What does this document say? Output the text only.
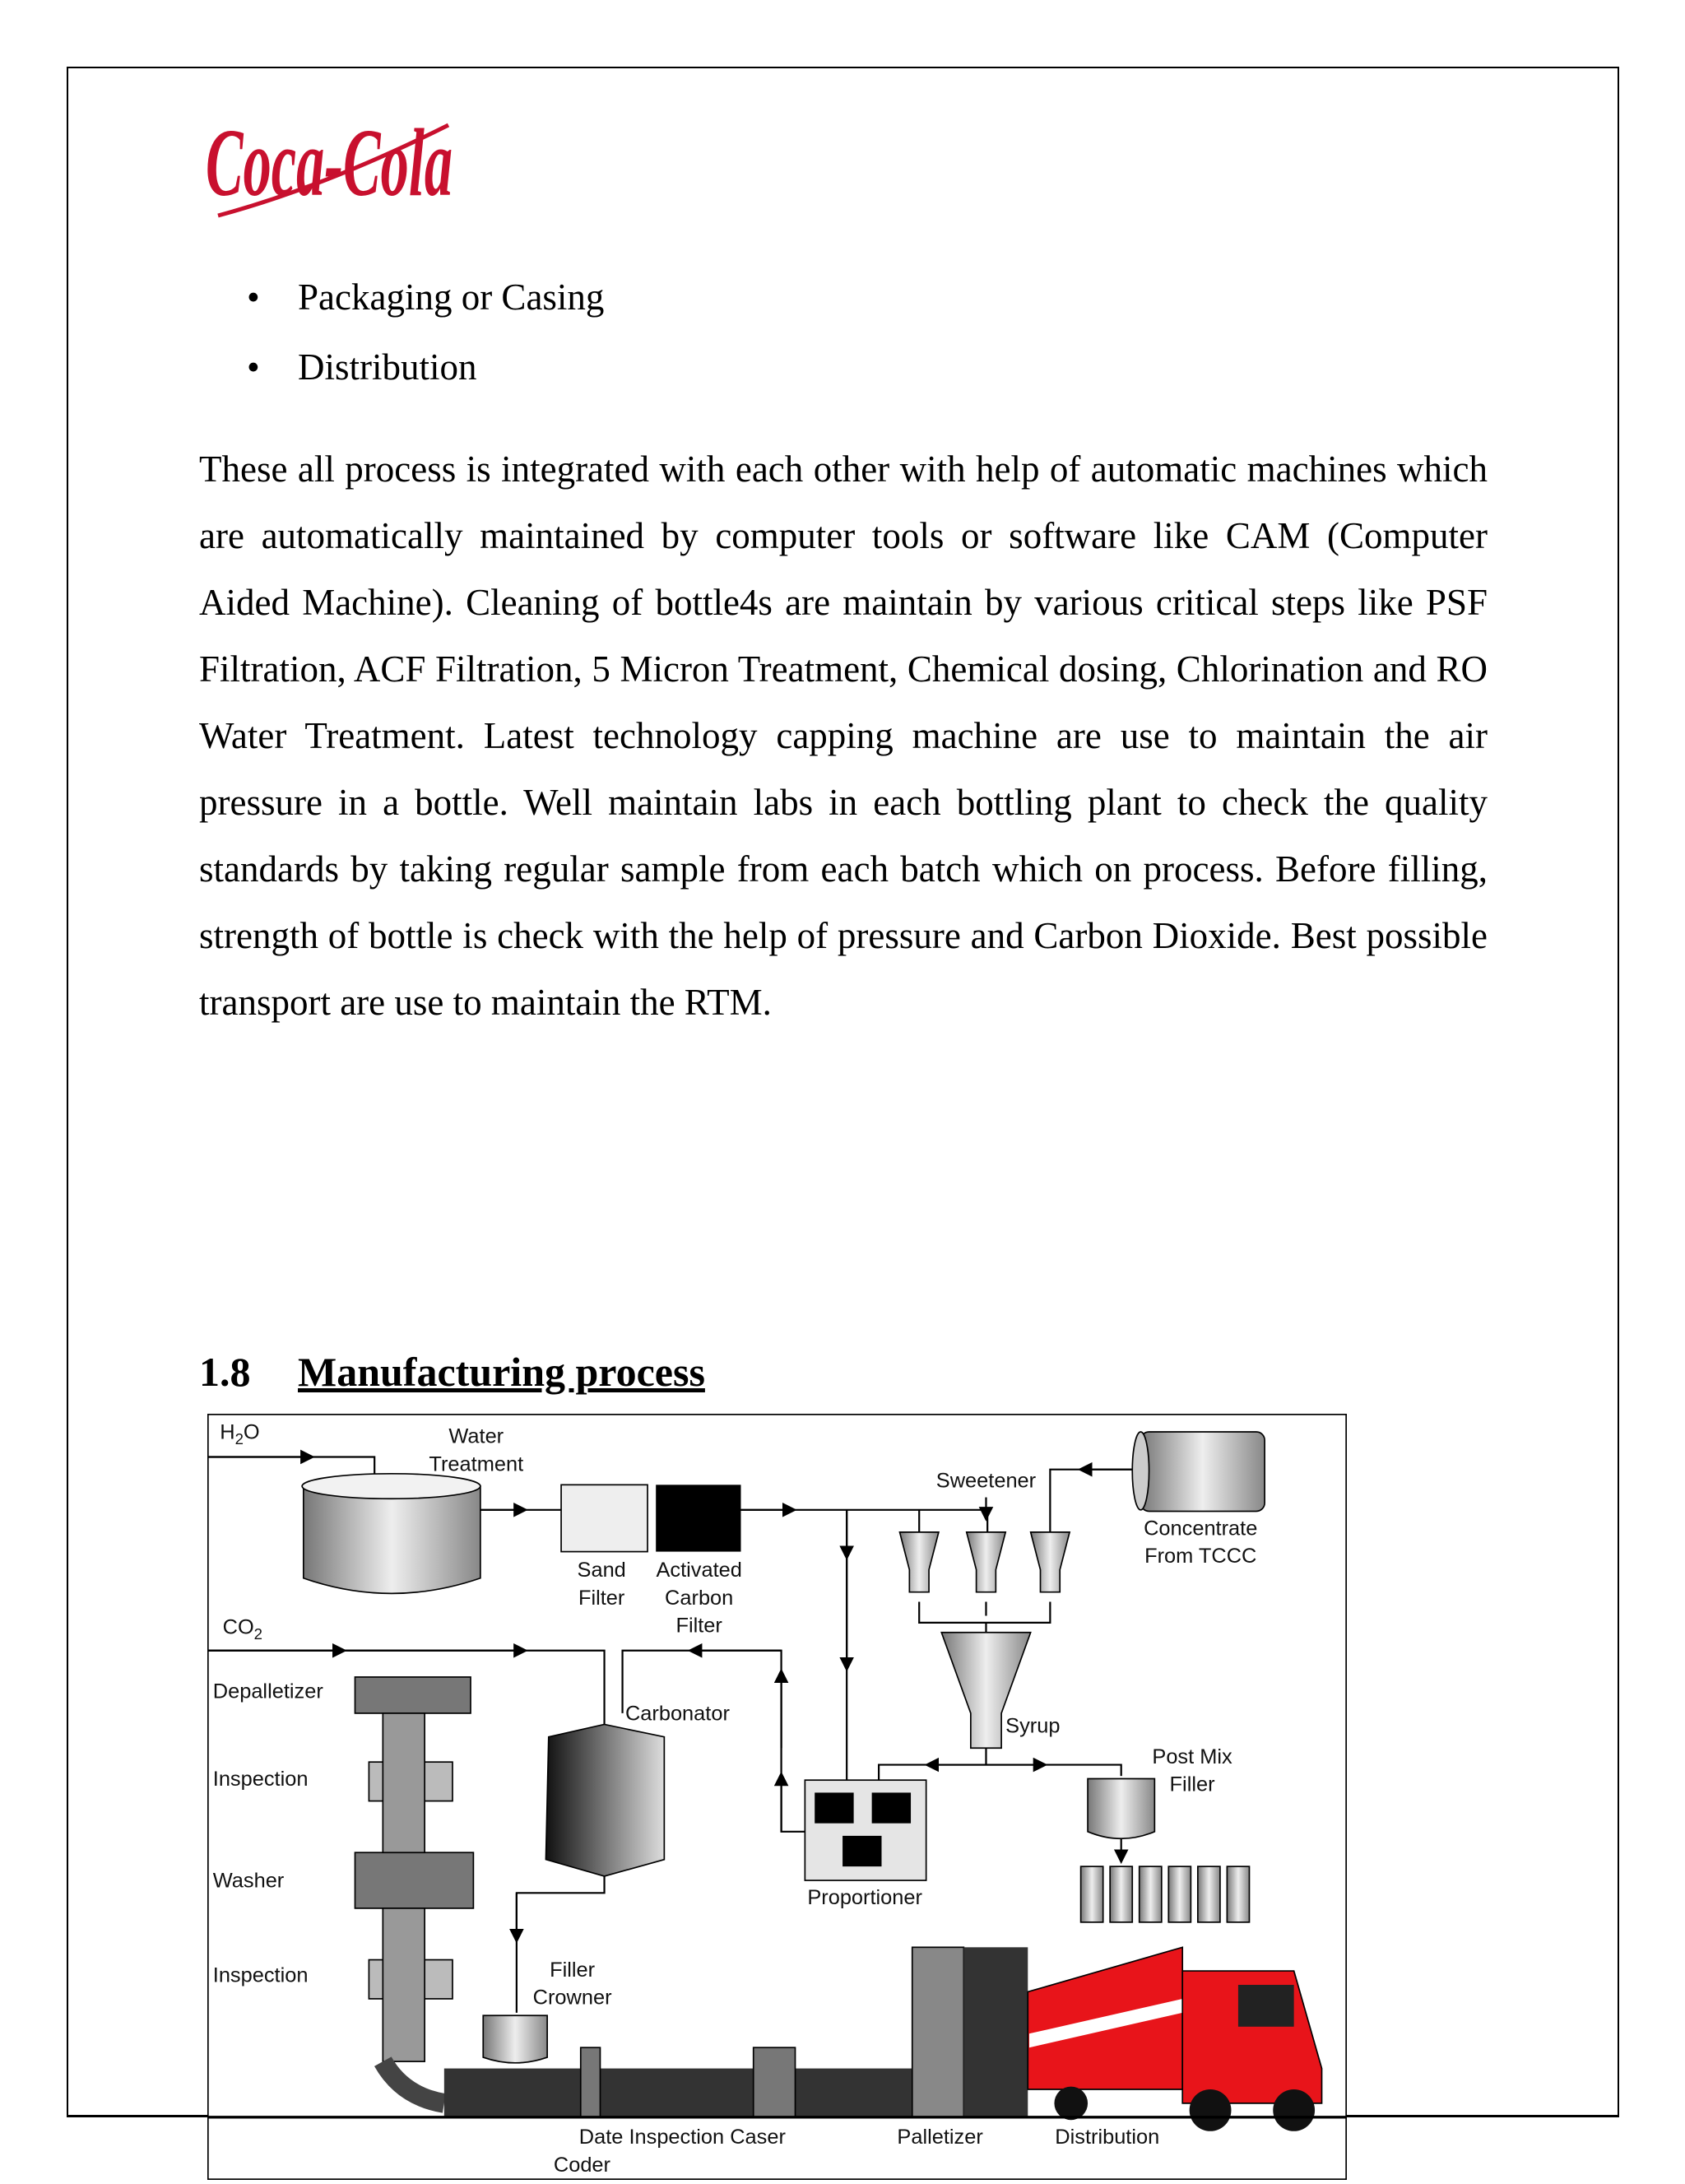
Coca-Cola
• Packaging or Casing
• Distribution
These all process is integrated with each other with help of automatic machines which are automatically maintained by computer tools or software like CAM (Computer Aided Machine). Cleaning of bottle4s are maintain by various critical steps like PSF Filtration, ACF Filtration, 5 Micron Treatment, Chemical dosing, Chlorination and RO Water Treatment. Latest technology capping machine are use to maintain the air pressure in a bottle. Well maintain labs in each bottling plant to check the quality standards by taking regular sample from each batch which on process. Before filling, strength of bottle is check with the help of pressure and Carbon Dioxide. Best possible transport are use to maintain the RTM.
1.8 Manufacturing process
$H_2O$	Water
Treatment
Sand
Filter
Activated
Carbon
Filter
Sweetener
Concentrate
From TCCC
$CO_2$
Syrup
Depalletizer
Carbonator
Inspection
Washer
Inspection
Proportioner
Post Mix
Filler
Filler
Crowner
Date Inspection Caser
Coder
Palletizer	Distribution
